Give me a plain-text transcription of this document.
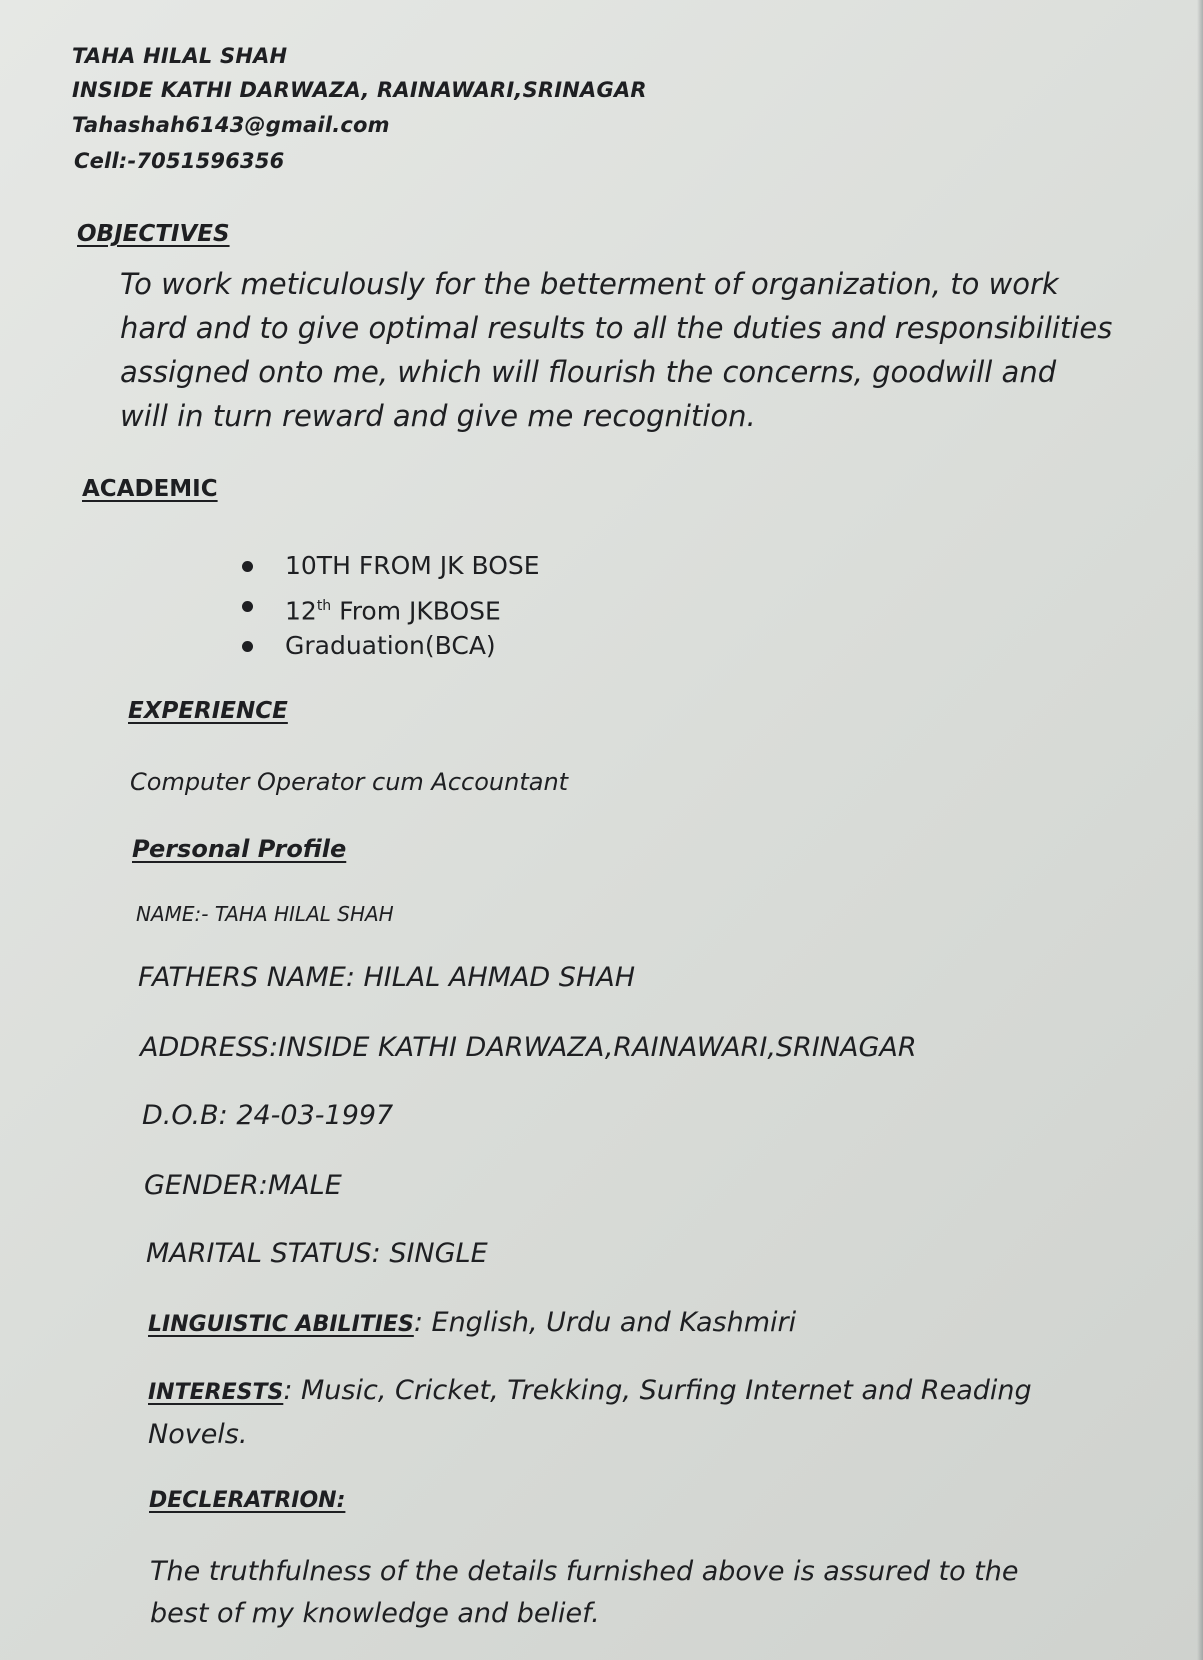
TAHA HILAL SHAH
INSIDE KATHI DARWAZA, RAINAWARI,SRINAGAR
Tahashah6143@gmail.com
Cell:-7051596356
OBJECTIVES
To work meticulously for the betterment of organization, to work
hard and to give optimal results to all the duties and responsibilities
assigned onto me, which will flourish the concerns, goodwill and
will in turn reward and give me recognition.
ACADEMIC
10TH FROM JK BOSE
12th From JKBOSE
Graduation(BCA)
EXPERIENCE
Computer Operator cum Accountant
Personal Profile
NAME:- TAHA HILAL SHAH
FATHERS NAME: HILAL AHMAD SHAH
ADDRESS:INSIDE KATHI DARWAZA,RAINAWARI,SRINAGAR
D.O.B: 24-03-1997
GENDER:MALE
MARITAL STATUS: SINGLE
LINGUISTIC ABILITIES: English, Urdu and Kashmiri
INTERESTS: Music, Cricket, Trekking, Surfing Internet and Reading
Novels.
DECLERATRION:
The truthfulness of the details furnished above is assured to the
best of my knowledge and belief.
